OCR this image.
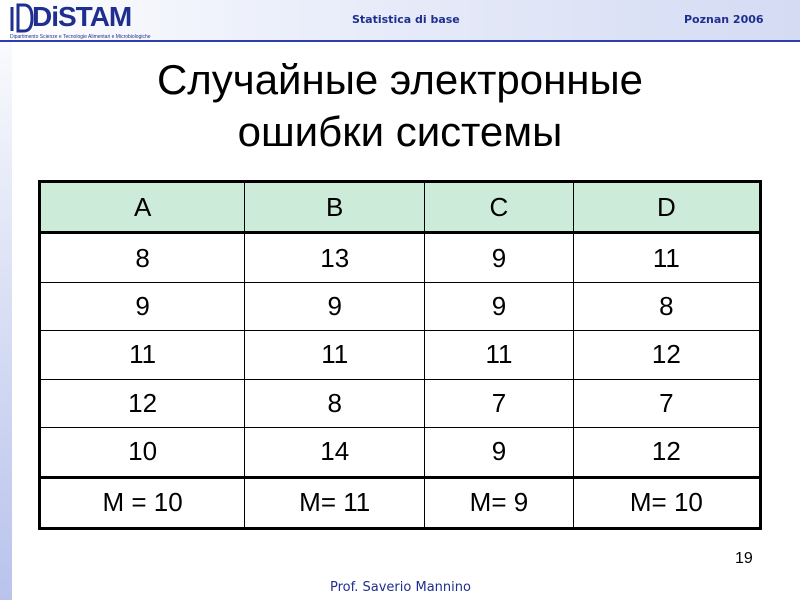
DiSTAM
Dipartimento Scienze e Tecnologie Alimentari e Microbiologiche
Statistica di base	Poznan 2006
Случайные электронные
ошибки системы
A	B	C	D
8	13	9	11
9	9	9	8
11	11	11	12
12	8	7	7
10	14	9	12
M = 10	M= 11	M= 9	M= 10
19
Prof. Saverio Mannino
